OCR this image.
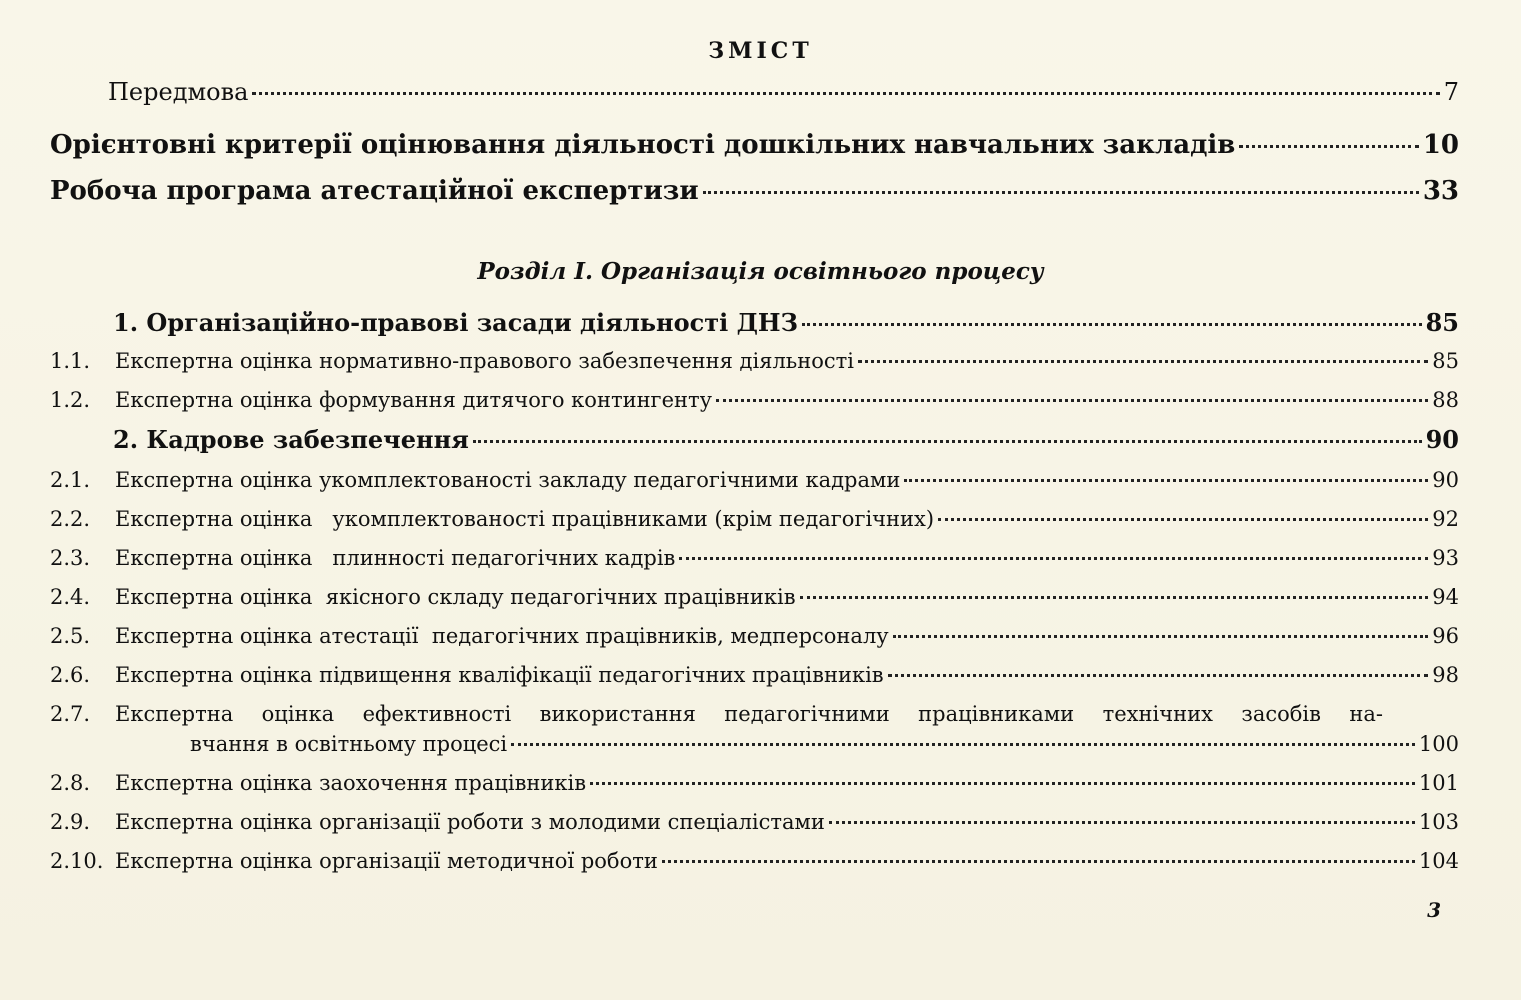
ЗМІСТ
Передмова	7
Орієнтовні критерії оцінювання діяльності дошкільних навчальних закладів	10
Робоча програма атестаційної експертизи	33
Розділ І. Організація освітнього процесу
1. Організаційно-правові засади діяльності ДНЗ	85
1.1.	Експертна оцінка нормативно-правового забезпечення діяльності	85
1.2.	Експертна оцінка формування дитячого контингенту	88
2. Кадрове забезпечення	90
2.1.	Експертна оцінка укомплектованості закладу педагогічними кадрами	90
2.2.	Експертна оцінка   укомплектованості працівниками (крім педагогічних)	92
2.3.	Експертна оцінка   плинності педагогічних кадрів	93
2.4.	Експертна оцінка  якісного складу педагогічних працівників	94
2.5.	Експертна оцінка атестації  педагогічних працівників, медперсоналу	96
2.6.	Експертна оцінка підвищення кваліфікації педагогічних працівників	98
2.7.	Експертна оцінка ефективності використання педагогічними працівниками технічних засобів на-
вчання в освітньому процесі	100
2.8.	Експертна оцінка заохочення працівників	101
2.9.	Експертна оцінка організації роботи з молодими спеціалістами	103
2.10. Експертна оцінка організації методичної роботи	104
3
